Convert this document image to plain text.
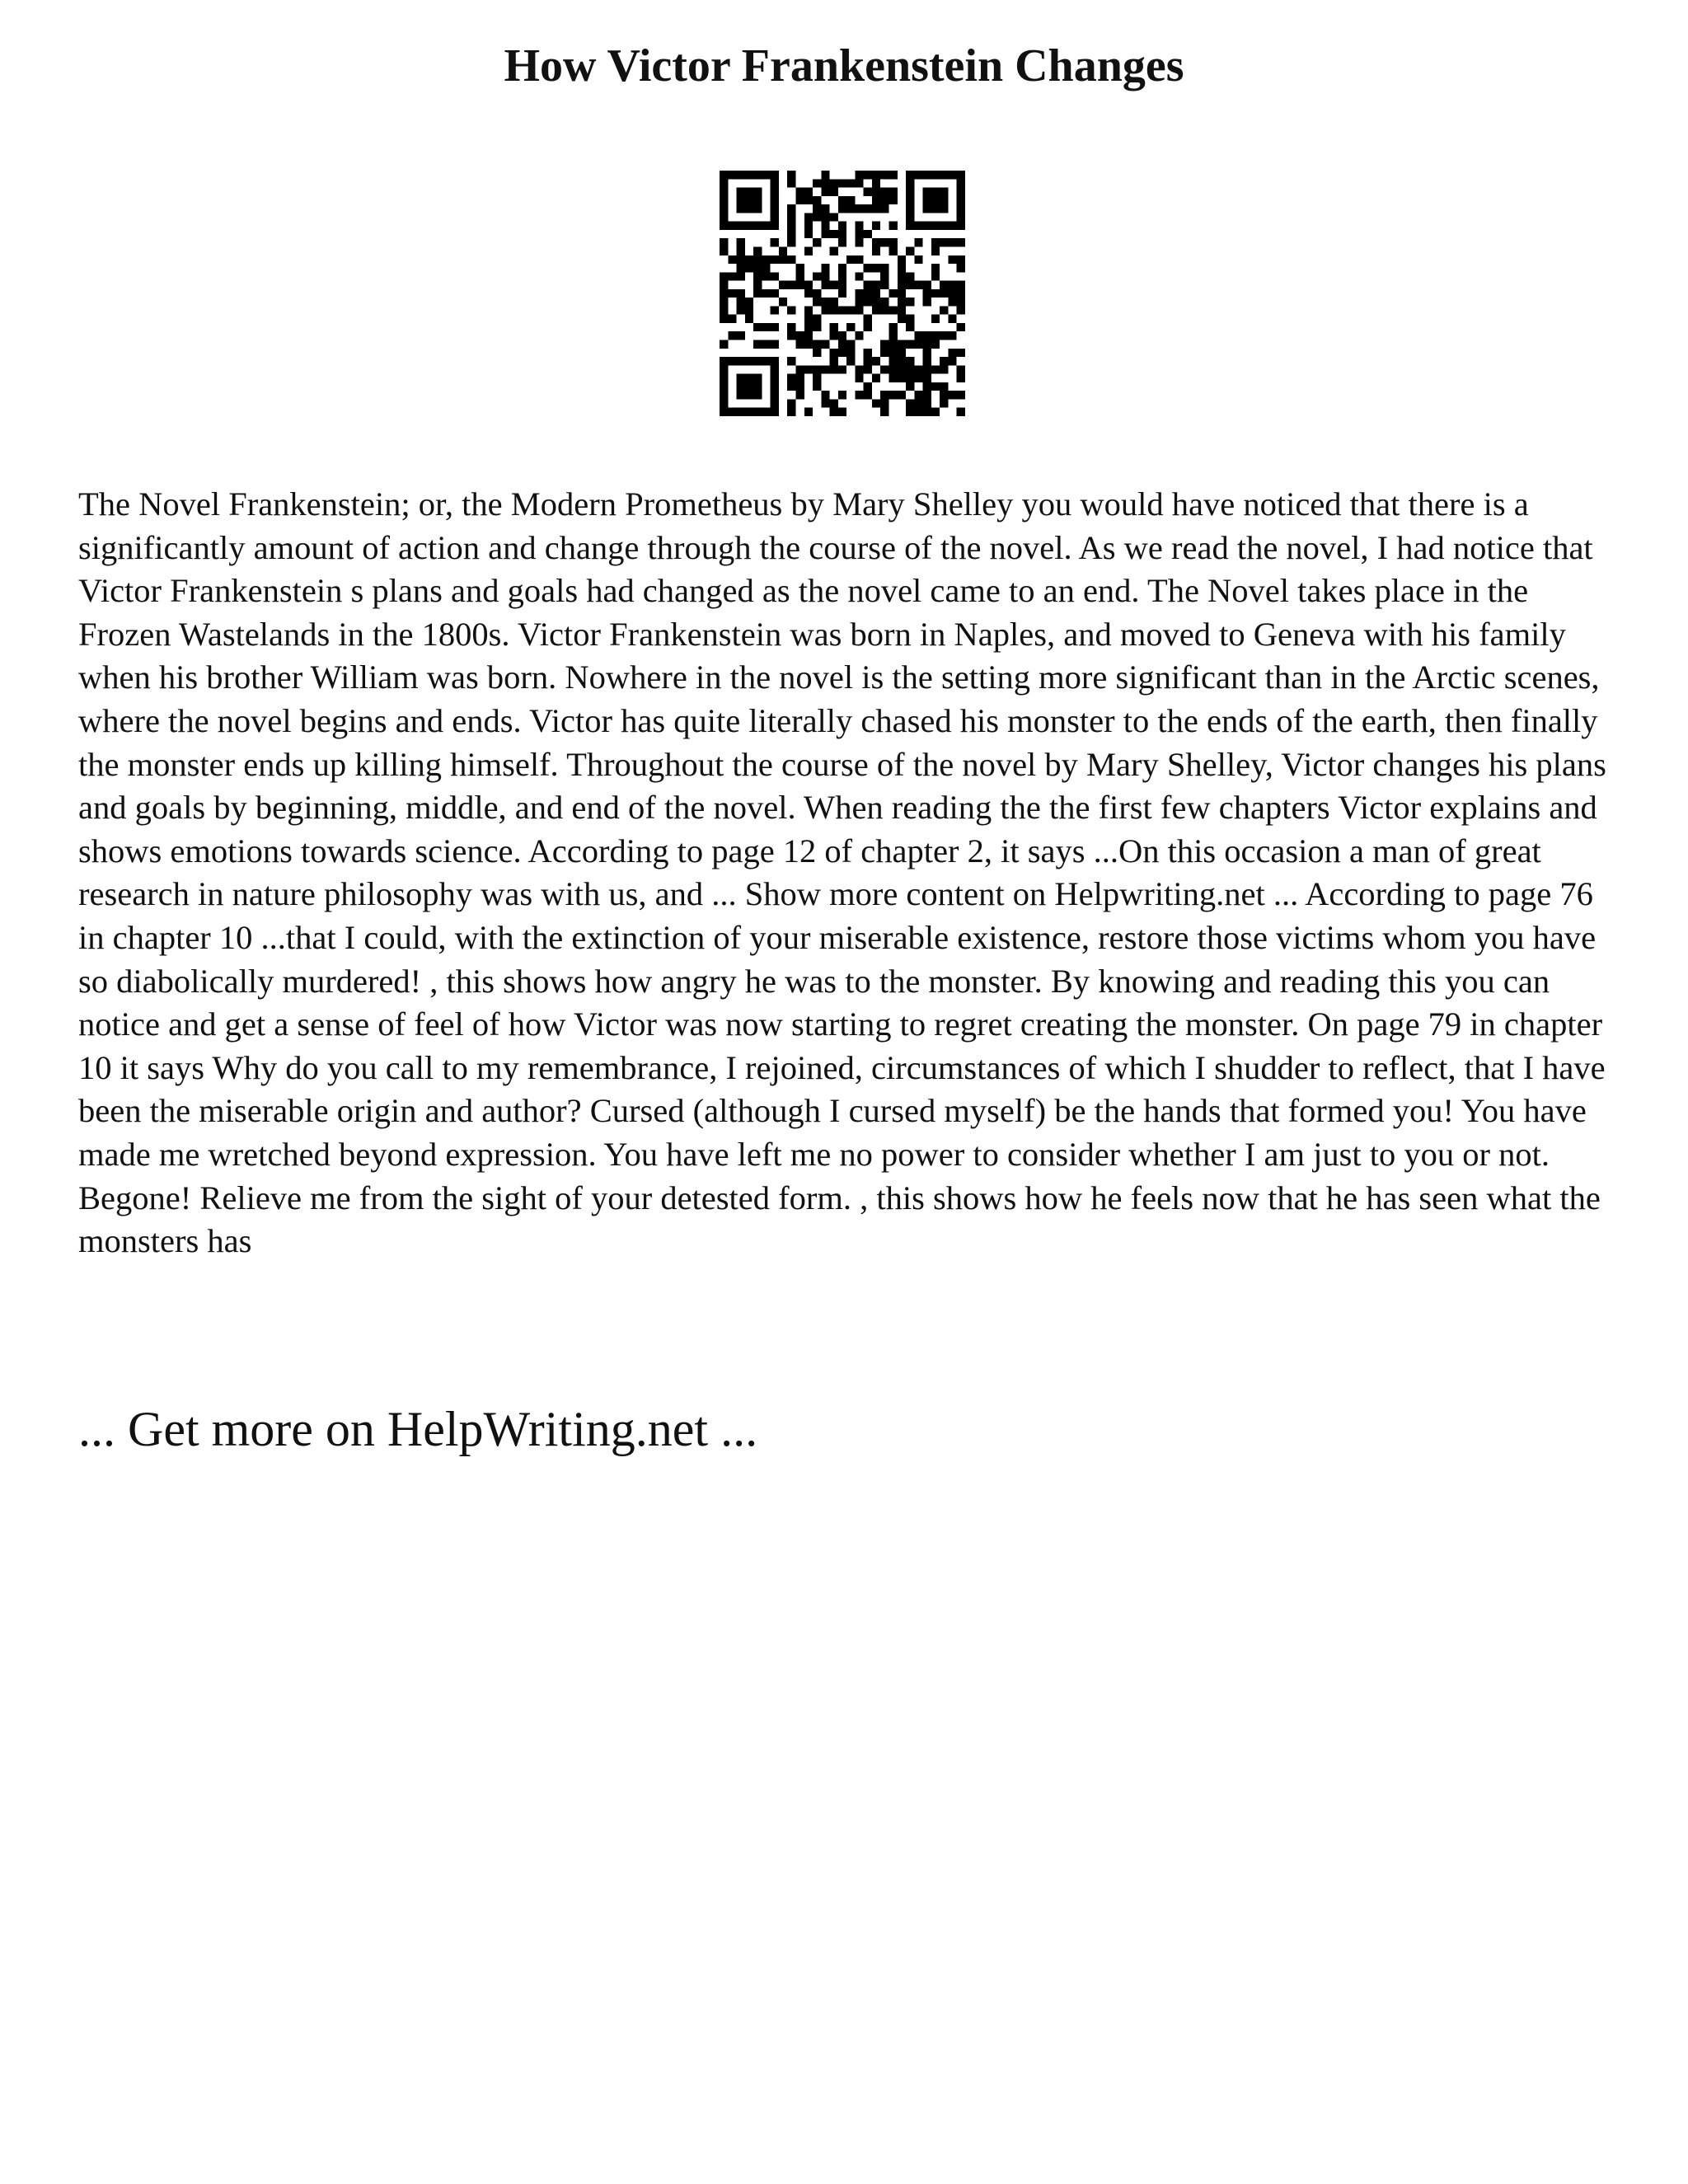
How Victor Frankenstein Changes

The Novel Frankenstein; or, the Modern Prometheus by Mary Shelley you would have noticed that there is a significantly amount of action and change through the course of the novel. As we read the novel, I had notice that Victor Frankenstein s plans and goals had changed as the novel came to an end. The Novel takes place in the Frozen Wastelands in the 1800s. Victor Frankenstein was born in Naples, and moved to Geneva with his family when his brother William was born. Nowhere in the novel is the setting more significant than in the Arctic scenes, where the novel begins and ends. Victor has quite literally chased his monster to the ends of the earth, then finally the monster ends up killing himself. Throughout the course of the novel by Mary Shelley, Victor changes his plans and goals by beginning, middle, and end of the novel. When reading the the first few chapters Victor explains and shows emotions towards science. According to page 12 of chapter 2, it says ...On this occasion a man of great research in nature philosophy was with us, and ... Show more content on Helpwriting.net ... According to page 76 in chapter 10 ...that I could, with the extinction of your miserable existence, restore those victims whom you have so diabolically murdered! , this shows how angry he was to the monster. By knowing and reading this you can notice and get a sense of feel of how Victor was now starting to regret creating the monster. On page 79 in chapter 10 it says Why do you call to my remembrance, I rejoined, circumstances of which I shudder to reflect, that I have been the miserable origin and author? Cursed (although I cursed myself) be the hands that formed you! You have made me wretched beyond expression. You have left me no power to consider whether I am just to you or not. Begone! Relieve me from the sight of your detested form. , this shows how he feels now that he has seen what the monsters has

... Get more on HelpWriting.net ...
